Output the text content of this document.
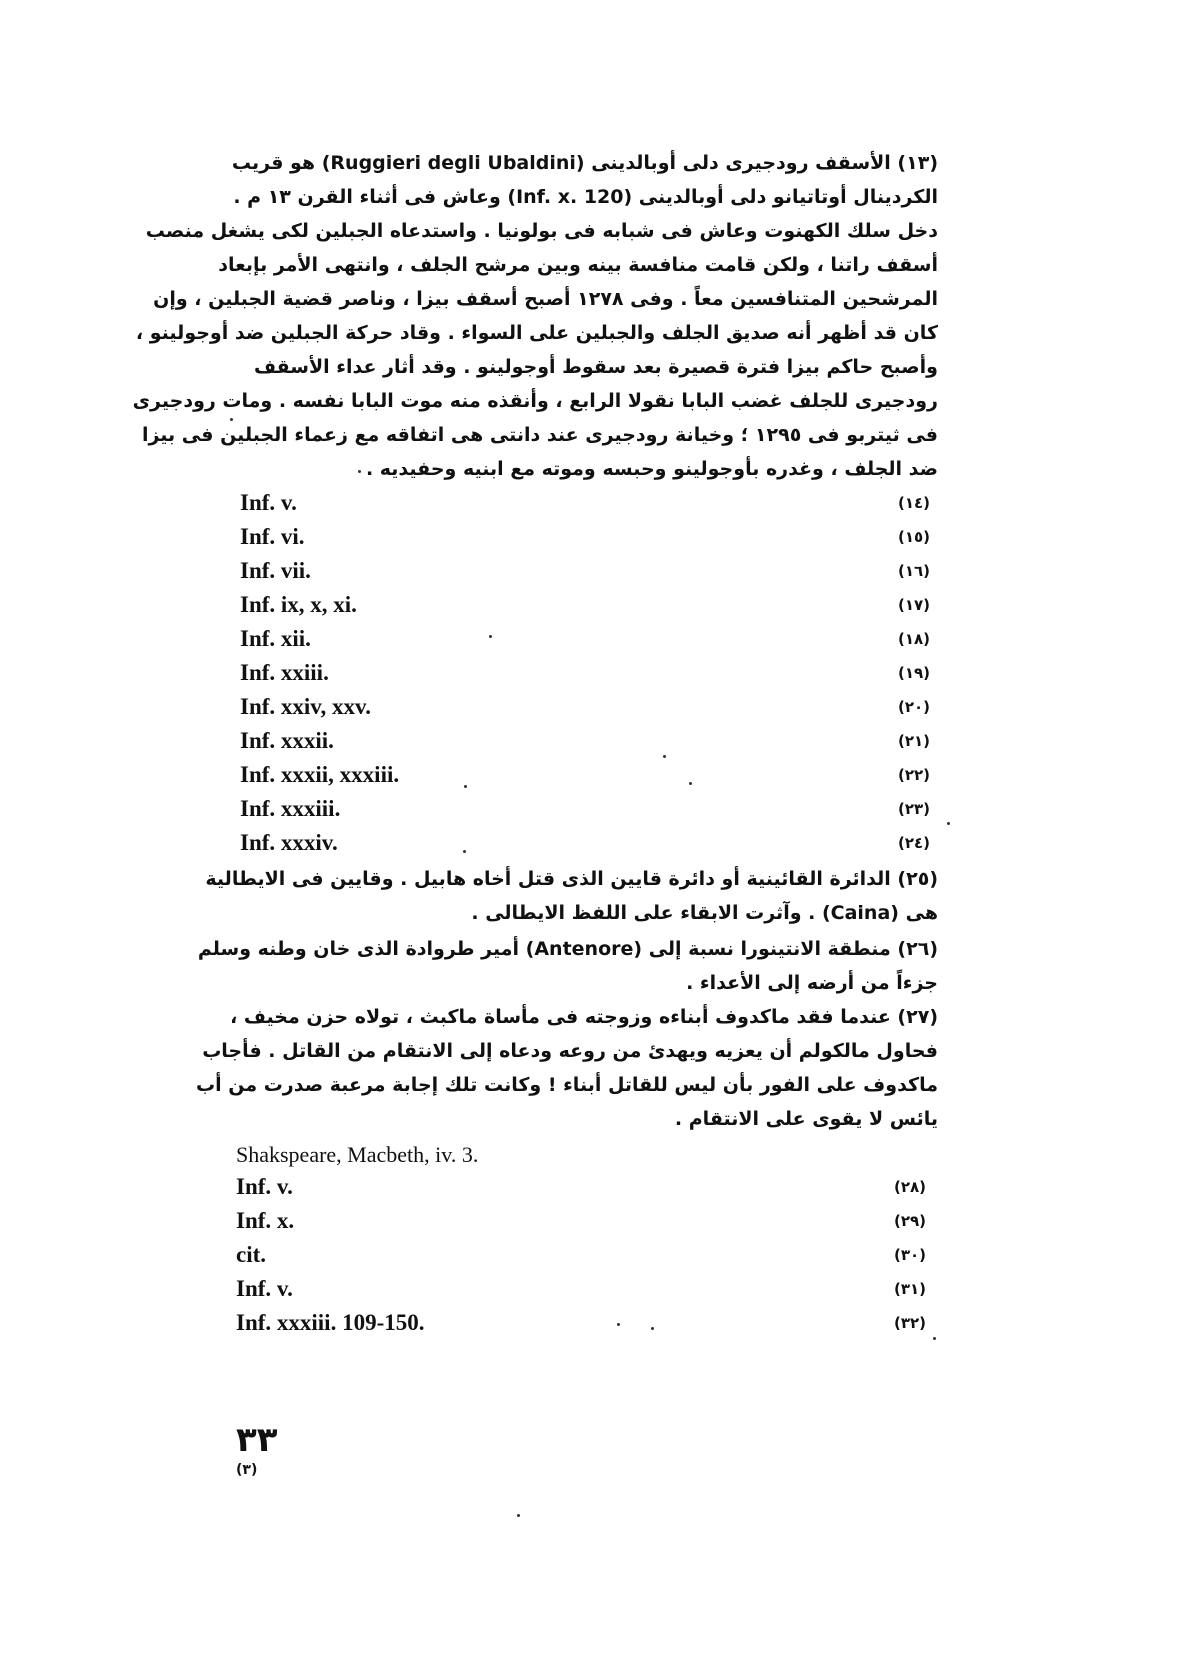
(١٣) الأسقف رودجيرى دلى أوبالدينى (Ruggieri degli Ubaldini) هو قريب
الكردينال أوتاتيانو دلى أوبالدينى (Inf. x. 120) وعاش فى أثناء القرن ١٣ م .
دخل سلك الكهنوت وعاش فى شبابه فى بولونيا . واستدعاه الجبلين لكى يشغل منصب
أسقف راتنا ، ولكن قامت منافسة بينه وبين مرشح الجلف ، وانتهى الأمر بإبعاد
المرشحين المتنافسين معاً . وفى ١٢٧٨ أصبح أسقف بيزا ، وناصر قضية الجبلين ، وإن
كان قد أظهر أنه صديق الجلف والجبلين على السواء . وقاد حركة الجبلين ضد أوجولينو ،
وأصبح حاكم بيزا فترة قصيرة بعد سقوط أوجولينو . وقد أثار عداء الأسقف
رودجيرى للجلف غضب البابا نقولا الرابع ، وأنقذه منه موت البابا نفسه . ومات رودجيرى
فى ثيتربو فى ١٢٩٥ ؛ وخيانة رودجيرى عند دانتى هى اتفاقه مع زعماء الجبلين فى بيزا
ضد الجلف ، وغدره بأوجولينو وحبسه وموته مع ابنيه وحفيديه .
Inf. v.	(١٤)
Inf. vi.	(١٥)
Inf. vii.	(١٦)
Inf. ix, x, xi.	(١٧)
Inf. xii.	(١٨)
Inf. xxiii.	(١٩)
Inf. xxiv, xxv.	(٢٠)
Inf. xxxii.	(٢١)
Inf. xxxii, xxxiii.	(٢٢)
Inf. xxxiii.	(٢٣)
Inf. xxxiv.	(٢٤)
(٢٥) الدائرة القائينية أو دائرة قايين الذى قتل أخاه هابيل . وقايين فى الايطالية
هى (Caina) . وآثرت الابقاء على اللفظ الايطالى .
(٢٦) منطقة الانتينورا نسبة إلى (Antenore) أمير طروادة الذى خان وطنه وسلم
جزءاً من أرضه إلى الأعداء .
(٢٧) عندما فقد ماكدوف أبناءه وزوجته فى مأساة ماكبث ، تولاه حزن مخيف ،
فحاول مالكولم أن يعزيه ويهدئ من روعه ودعاه إلى الانتقام من القاتل . فأجاب
ماكدوف على الفور بأن ليس للقاتل أبناء ! وكانت تلك إجابة مرعبة صدرت من أب
يائس لا يقوى على الانتقام .
Shakspeare, Macbeth, iv. 3.
Inf. v.	(٢٨)
Inf. x.	(٢٩)
cit.	(٣٠)
Inf. v.	(٣١)
Inf. xxxiii. 109-150.	(٣٢)
٣٣
(٣)
